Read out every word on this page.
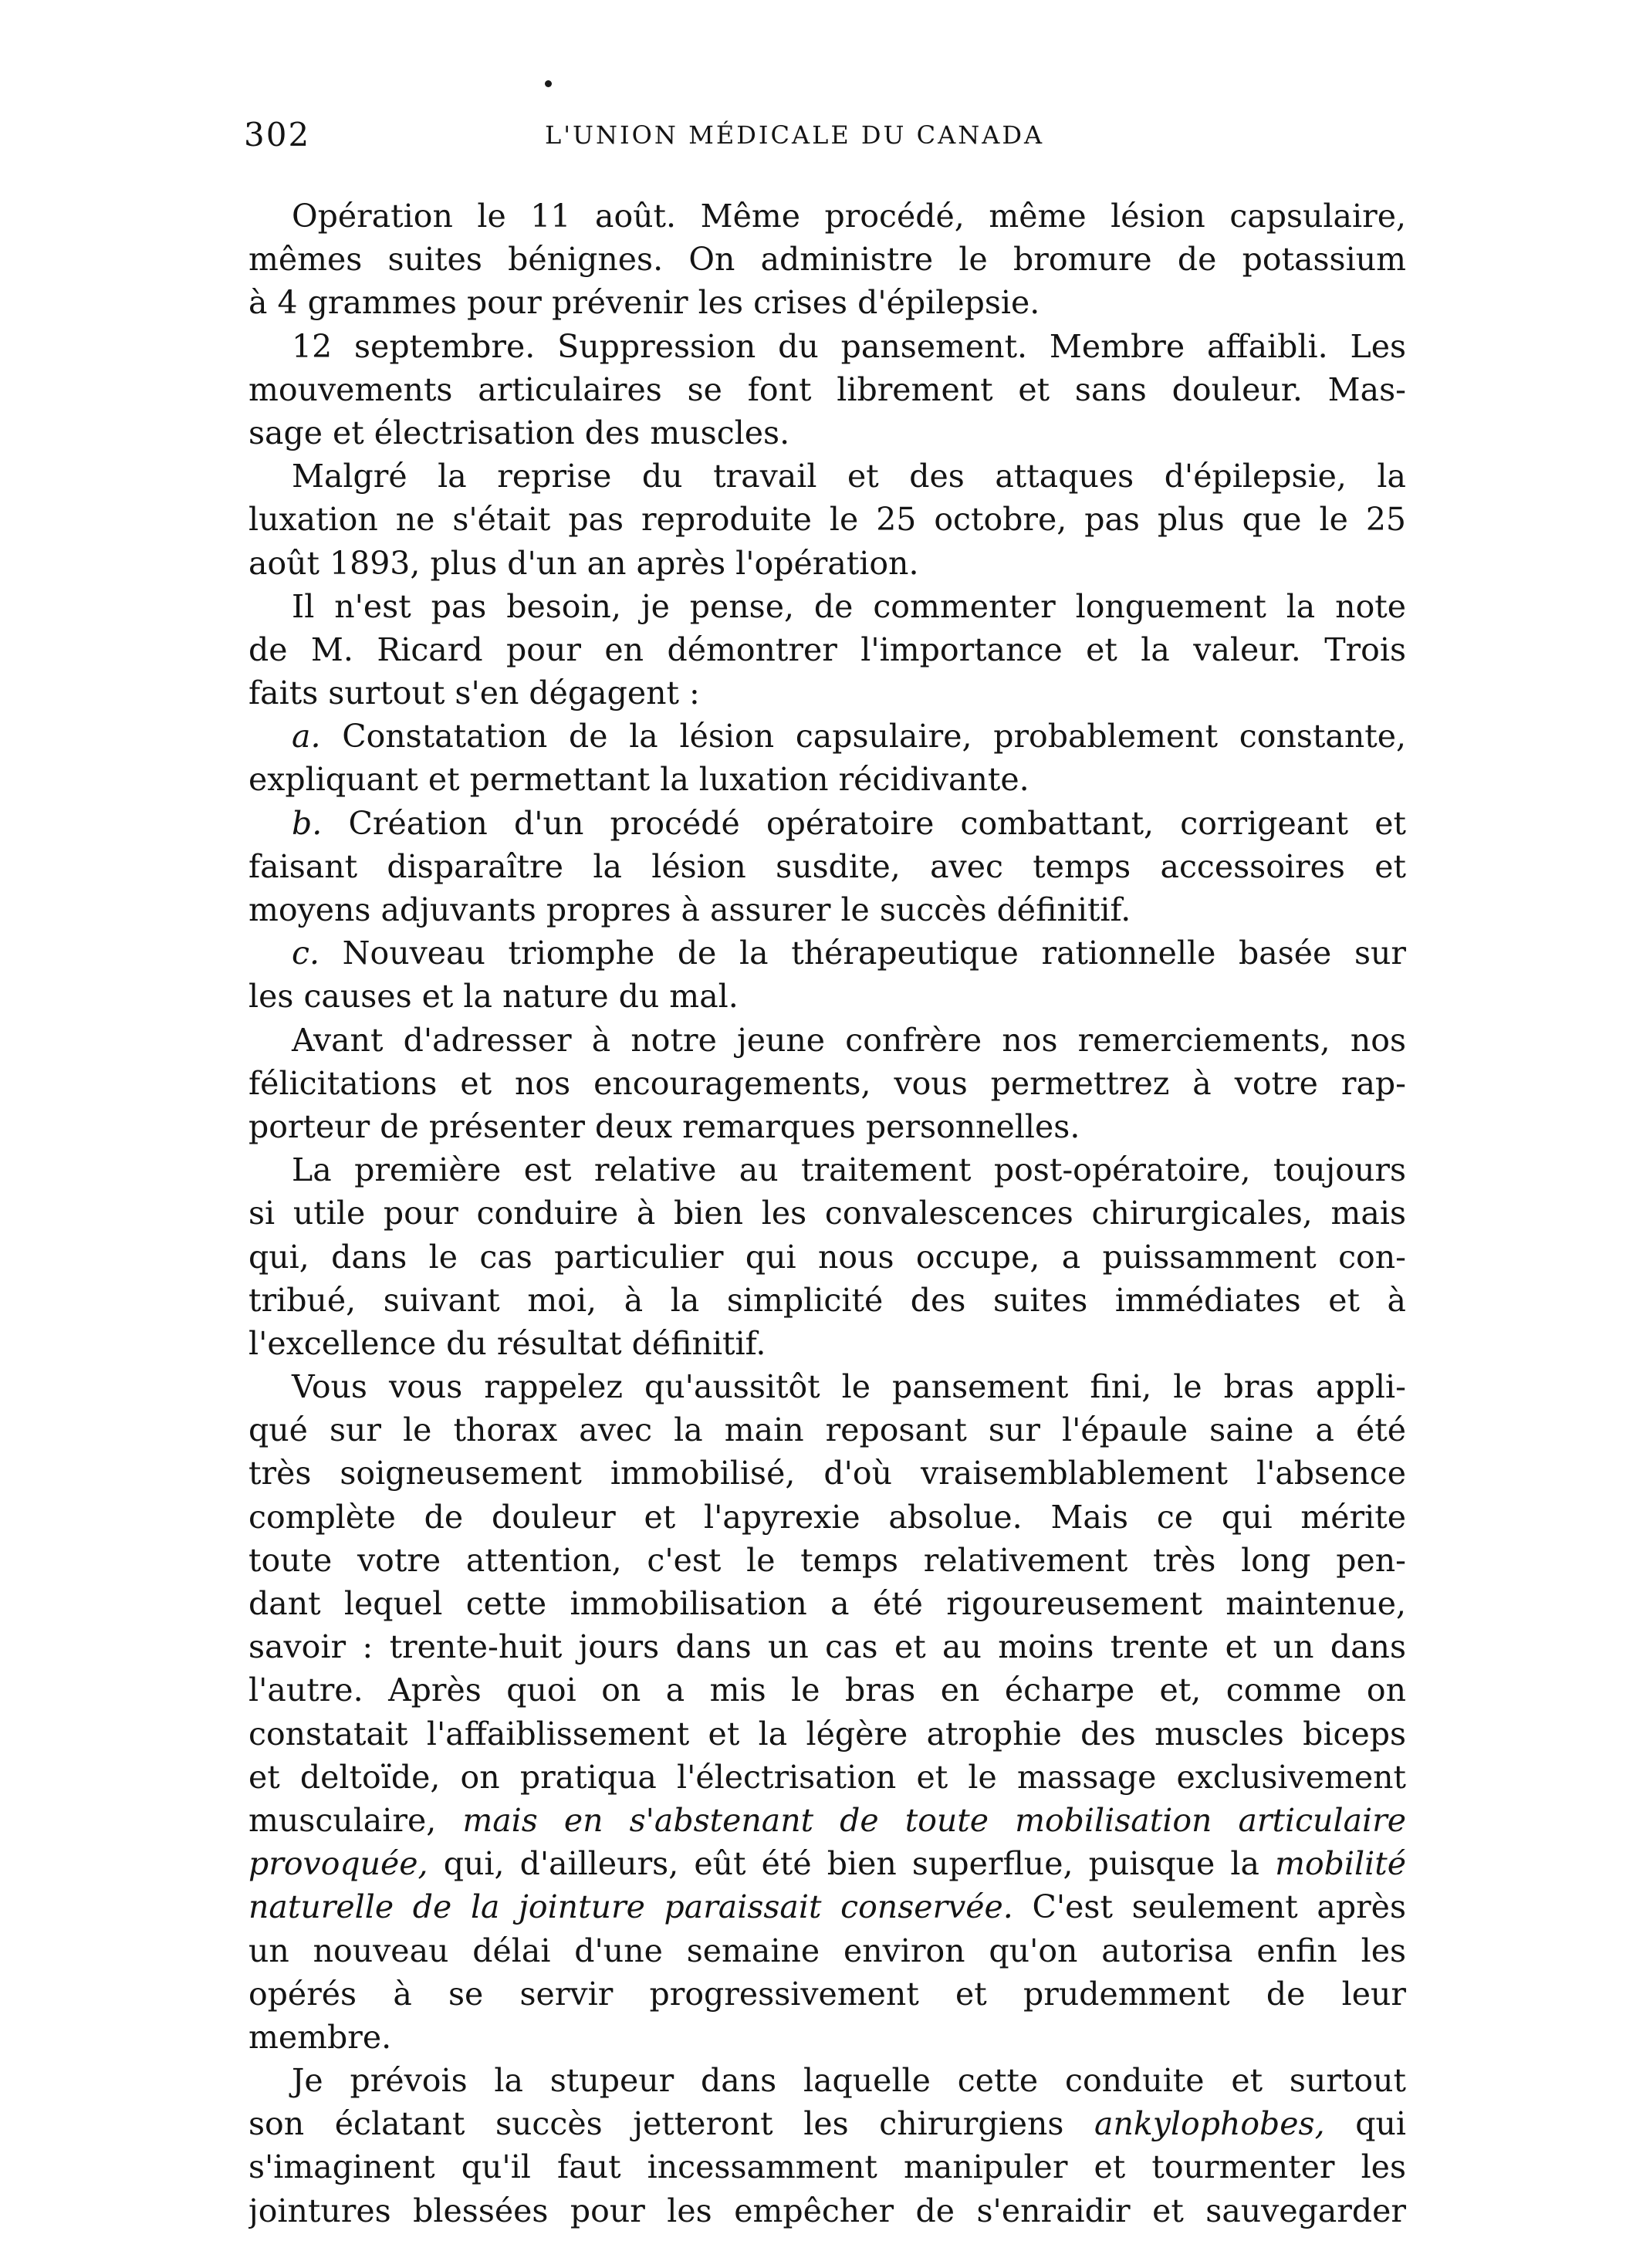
302	L'UNION MÉDICALE DU CANADA
Opération le 11 août. Même procédé, même lésion capsulaire,
mêmes suites bénignes. On administre le bromure de potassium
à 4 grammes pour prévenir les crises d'épilepsie.
12 septembre. Suppression du pansement. Membre affaibli. Les
mouvements articulaires se font librement et sans douleur. Mas-
sage et électrisation des muscles.
Malgré la reprise du travail et des attaques d'épilepsie, la
luxation ne s'était pas reproduite le 25 octobre, pas plus que le 25
août 1893, plus d'un an après l'opération.
Il n'est pas besoin, je pense, de commenter longuement la note
de M. Ricard pour en démontrer l'importance et la valeur. Trois
faits surtout s'en dégagent :
a. Constatation de la lésion capsulaire, probablement constante,
expliquant et permettant la luxation récidivante.
b. Création d'un procédé opératoire combattant, corrigeant et
faisant disparaître la lésion susdite, avec temps accessoires et
moyens adjuvants propres à assurer le succès définitif.
c. Nouveau triomphe de la thérapeutique rationnelle basée sur
les causes et la nature du mal.
Avant d'adresser à notre jeune confrère nos remerciements, nos
félicitations et nos encouragements, vous permettrez à votre rap-
porteur de présenter deux remarques personnelles.
La première est relative au traitement post-opératoire, toujours
si utile pour conduire à bien les convalescences chirurgicales, mais
qui, dans le cas particulier qui nous occupe, a puissamment con-
tribué, suivant moi, à la simplicité des suites immédiates et à
l'excellence du résultat définitif.
Vous vous rappelez qu'aussitôt le pansement fini, le bras appli-
qué sur le thorax avec la main reposant sur l'épaule saine a été
très soigneusement immobilisé, d'où vraisemblablement l'absence
complète de douleur et l'apyrexie absolue. Mais ce qui mérite
toute votre attention, c'est le temps relativement très long pen-
dant lequel cette immobilisation a été rigoureusement maintenue,
savoir : trente-huit jours dans un cas et au moins trente et un dans
l'autre. Après quoi on a mis le bras en écharpe et, comme on
constatait l'affaiblissement et la légère atrophie des muscles biceps
et deltoïde, on pratiqua l'électrisation et le massage exclusivement
musculaire, mais en s'abstenant de toute mobilisation articulaire
provoquée, qui, d'ailleurs, eût été bien superflue, puisque la mobilité
naturelle de la jointure paraissait conservée. C'est seulement après
un nouveau délai d'une semaine environ qu'on autorisa enfin les
opérés à se servir progressivement et prudemment de leur
membre.
Je prévois la stupeur dans laquelle cette conduite et surtout
son éclatant succès jetteront les chirurgiens ankylophobes, qui
s'imaginent qu'il faut incessamment manipuler et tourmenter les
jointures blessées pour les empêcher de s'enraidir et sauvegarder
